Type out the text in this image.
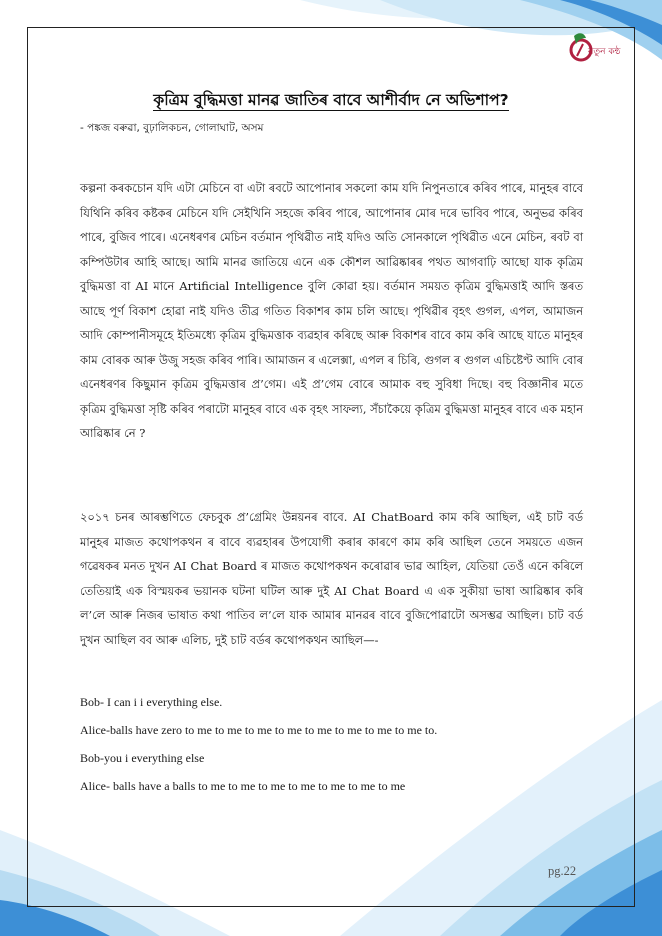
নতুন কন্ঠ
কৃত্রিম বুদ্ধিমত্তা মানৱ জাতিৰ বাবে আশীৰ্বাদ নে অভিশাপ?
- পঙ্কজ বৰুৱা, বুঢ়ালিকচন, গোলাঘাট, অসম
কল্পনা কৰকচোন যদি এটা মেচিনে বা এটা ৰবটে আপোনাৰ সকলো কাম যদি নিপুনতাৰে কৰিব পাৰে, মানুহৰ বাবে যিথিনি কৰিব কষ্টকৰ মেচিনে যদি সেইখিনি সহজে কৰিব পাৰে, আপোনাৰ মোৰ দৰে ভাবিব পাৰে, অনুভৱ কৰিব পাৰে, বুজিব পাৰে। এনেধৰণৰ মেচিন বৰ্তমান পৃথিৱীত নাই যদিও অতি সোনকালে পৃথিৱীত এনে মেচিন, ৰবট বা কম্পিউটাৰ আহি আছে। আমি মানৱ জাতিয়ে এনে এক কৌশল আৱিষ্কাৰৰ পথত আগবাঢ়ি আছো যাক কৃত্ৰিম বুদ্ধিমত্তা বা AI মানে Artificial Intelligence বুলি কোৱা হয়। বৰ্তমান সময়ত কৃত্ৰিম বুদ্ধিমত্তাই আদি স্তৰত আছে পূৰ্ণ বিকাশ হোৱা নাই যদিও তীব্ৰ গতিত বিকাশৰ কাম চলি আছে। পৃথিৱীৰ বৃহৎ গুগল, এপল, আমাজন আদি কোম্পানীসমূহে ইতিমধ্যে কৃত্ৰিম বুদ্ধিমত্তাক ব্যৱহাৰ কৰিছে আৰু বিকাশৰ বাবে কাম কৰি আছে যাতে মানুহৰ কাম বোৰক আৰু উজু সহজ কৰিব পাৰি। আমাজন ৰ এলেক্সা, এপল ৰ চিৰি, গুগল ৰ গুগল এচিষ্টেণ্ট আদি বোৰ এনেধৰণৰ কিছুমান কৃত্ৰিম বুদ্ধিমত্তাৰ প্ৰ’গেম। এই প্ৰ’গেম বোৰে আমাক বহু সুবিধা দিছে। বহু বিজ্ঞানীৰ মতে কৃত্ৰিম বুদ্ধিমত্তা সৃষ্টি কৰিব পৰাটো মানুহৰ বাবে এক বৃহৎ সাফল্য, সঁচাকৈয়ে কৃত্ৰিম বুদ্ধিমত্তা মানুহৰ বাবে এক মহান আৱিষ্কাৰ নে ?
২০১৭ চনৰ আৰম্ভণিতে ফেচবুক প্ৰ’গ্ৰেমিং উন্নয়নৰ বাবে. AI ChatBoard কাম কৰি আছিল, এই চাট বৰ্ড মানুহৰ মাজত কথোপকথন ৰ বাবে ব্যৱহাৰৰ উপযোগী কৰাৰ কাৰণে কাম কৰি আছিল তেনে সময়তে এজন গৱেষকৰ মনত দুখন AI Chat Board ৰ মাজত কথোপকথন কৰোৱাৰ ভাৱ আহিল, যেতিয়া তেওঁ এনে কৰিলে তেতিয়াই এক বিস্ময়কৰ ভয়ানক ঘটনা ঘটিল আৰু দুই AI Chat Board এ এক সুকীয়া ভাষা আৱিষ্কাৰ কৰি ল’লে আৰু নিজৰ ভাষাত কথা পাতিব ল’লে যাক আমাৰ মানৱৰ বাবে বুজিপোৱাটো অসম্ভৱ আছিল। চাট বৰ্ড দুখন আছিল বব আৰু এলিচ, দুই চাট বৰ্ডৰ কথোপকথন আছিল—-
Bob- I can i i everything else.
Alice-balls have zero to me to me to me to me to me to me to me to me to.
Bob-you i everything else
Alice- balls have a balls to me to me to me to me to me to me to me
pg.22
